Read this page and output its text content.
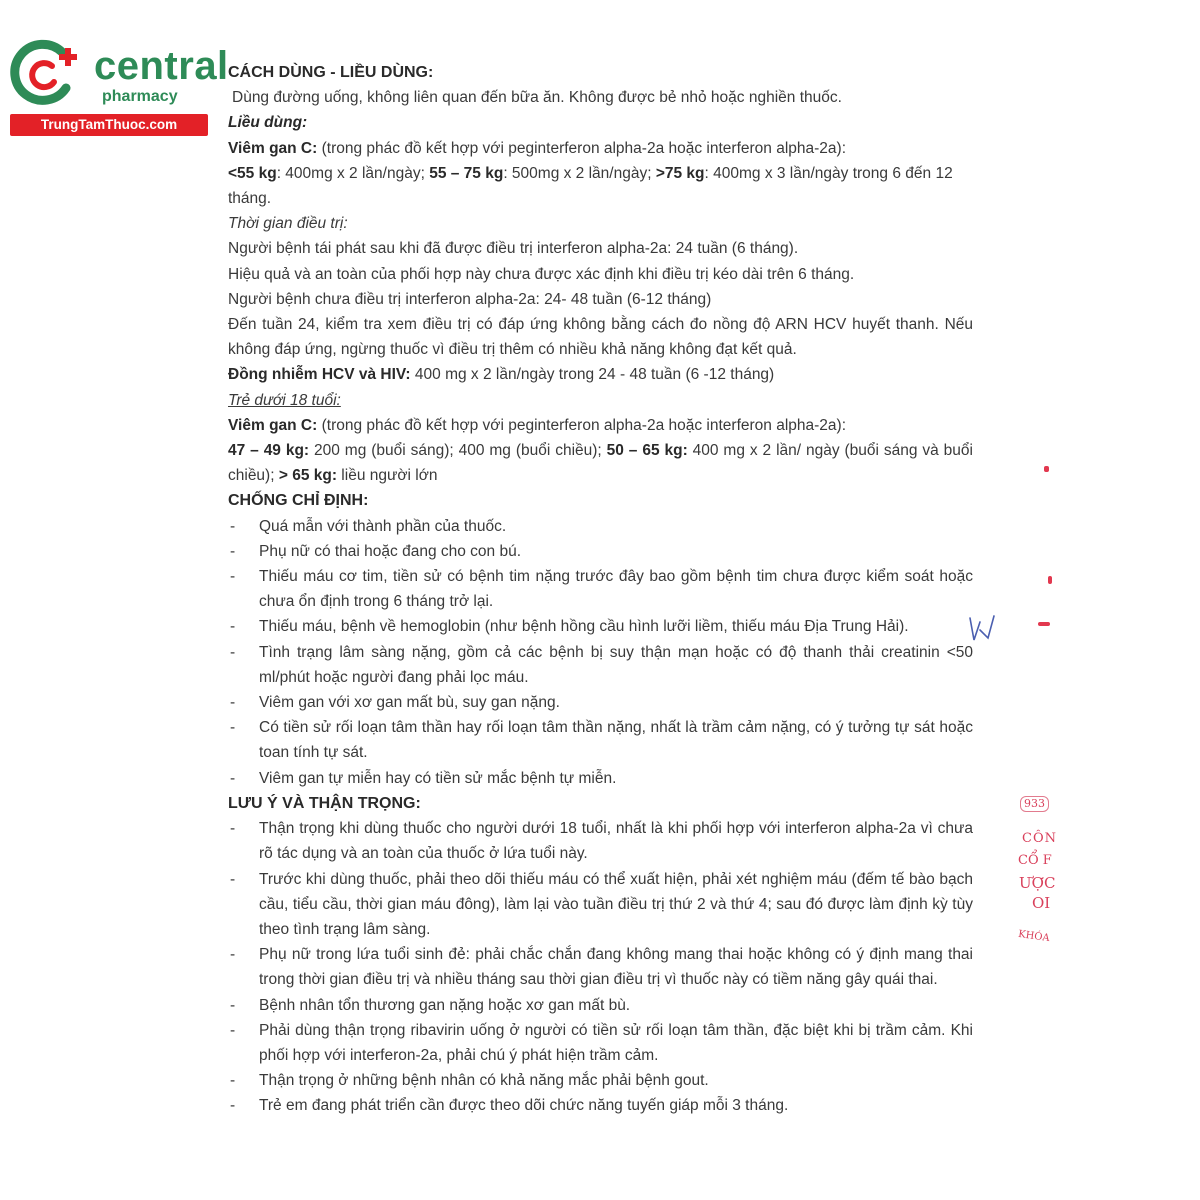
central
pharmacy
TrungTamThuoc.com

CÁCH DÙNG - LIỀU DÙNG:

Dùng đường uống, không liên quan đến bữa ăn. Không được bẻ nhỏ hoặc nghiền thuốc.

Liều dùng:

Viêm gan C: (trong phác đồ kết hợp với peginterferon alpha-2a hoặc interferon alpha-2a):

<55 kg: 400mg x 2 lần/ngày; 55 – 75 kg: 500mg x 2 lần/ngày; >75 kg: 400mg x 3 lần/ngày trong 6 đến 12 tháng.

Thời gian điều trị:

Người bệnh tái phát sau khi đã được điều trị interferon alpha-2a: 24 tuần (6 tháng).

Hiệu quả và an toàn của phối hợp này chưa được xác định khi điều trị kéo dài trên 6 tháng.

Người bệnh chưa điều trị interferon alpha-2a: 24- 48 tuần (6-12 tháng)

Đến tuần 24, kiểm tra xem điều trị có đáp ứng không bằng cách đo nồng độ ARN HCV huyết thanh. Nếu không đáp ứng, ngừng thuốc vì điều trị thêm có nhiều khả năng không đạt kết quả.

Đồng nhiễm HCV và HIV: 400 mg x 2 lần/ngày trong 24 - 48 tuần (6 -12 tháng)

Trẻ dưới 18 tuổi:

Viêm gan C: (trong phác đồ kết hợp với peginterferon alpha-2a hoặc interferon alpha-2a):

47 – 49 kg: 200 mg (buổi sáng); 400 mg (buổi chiều); 50 – 65 kg: 400 mg x 2 lần/ ngày (buổi sáng và buổi chiều); > 65 kg: liều người lớn

CHỐNG CHỈ ĐỊNH:

- Quá mẫn với thành phần của thuốc.

- Phụ nữ có thai hoặc đang cho con bú.

- Thiếu máu cơ tim, tiền sử có bệnh tim nặng trước đây bao gồm bệnh tim chưa được kiểm soát hoặc chưa ổn định trong 6 tháng trở lại.

- Thiếu máu, bệnh về hemoglobin (như bệnh hồng cầu hình lưỡi liềm, thiếu máu Địa Trung Hải).

- Tình trạng lâm sàng nặng, gồm cả các bệnh bị suy thận mạn hoặc có độ thanh thải creatinin <50 ml/phút hoặc người đang phải lọc máu.

- Viêm gan với xơ gan mất bù, suy gan nặng.

- Có tiền sử rối loạn tâm thần hay rối loạn tâm thần nặng, nhất là trầm cảm nặng, có ý tưởng tự sát hoặc toan tính tự sát.

- Viêm gan tự miễn hay có tiền sử mắc bệnh tự miễn.

LƯU Ý VÀ THẬN TRỌNG:

- Thận trọng khi dùng thuốc cho người dưới 18 tuổi, nhất là khi phối hợp với interferon alpha-2a vì chưa rõ tác dụng và an toàn của thuốc ở lứa tuổi này.

- Trước khi dùng thuốc, phải theo dõi thiếu máu có thể xuất hiện, phải xét nghiệm máu (đếm tế bào bạch cầu, tiểu cầu, thời gian máu đông), làm lại vào tuần điều trị thứ 2 và thứ 4; sau đó được làm định kỳ tùy theo tình trạng lâm sàng.

- Phụ nữ trong lứa tuổi sinh đẻ: phải chắc chắn đang không mang thai hoặc không có ý định mang thai trong thời gian điều trị và nhiều tháng sau thời gian điều trị vì thuốc này có tiềm năng gây quái thai.

- Bệnh nhân tổn thương gan nặng hoặc xơ gan mất bù.

- Phải dùng thận trọng ribavirin uống ở người có tiền sử rối loạn tâm thần, đặc biệt khi bị trầm cảm. Khi phối hợp với interferon-2a, phải chú ý phát hiện trầm cảm.

- Thận trọng ở những bệnh nhân có khả năng mắc phải bệnh gout.

- Trẻ em đang phát triển cần được theo dõi chức năng tuyến giáp mỗi 3 tháng.

933
CÔN
CỔ F
ƯỢC
OI
KHÓA
